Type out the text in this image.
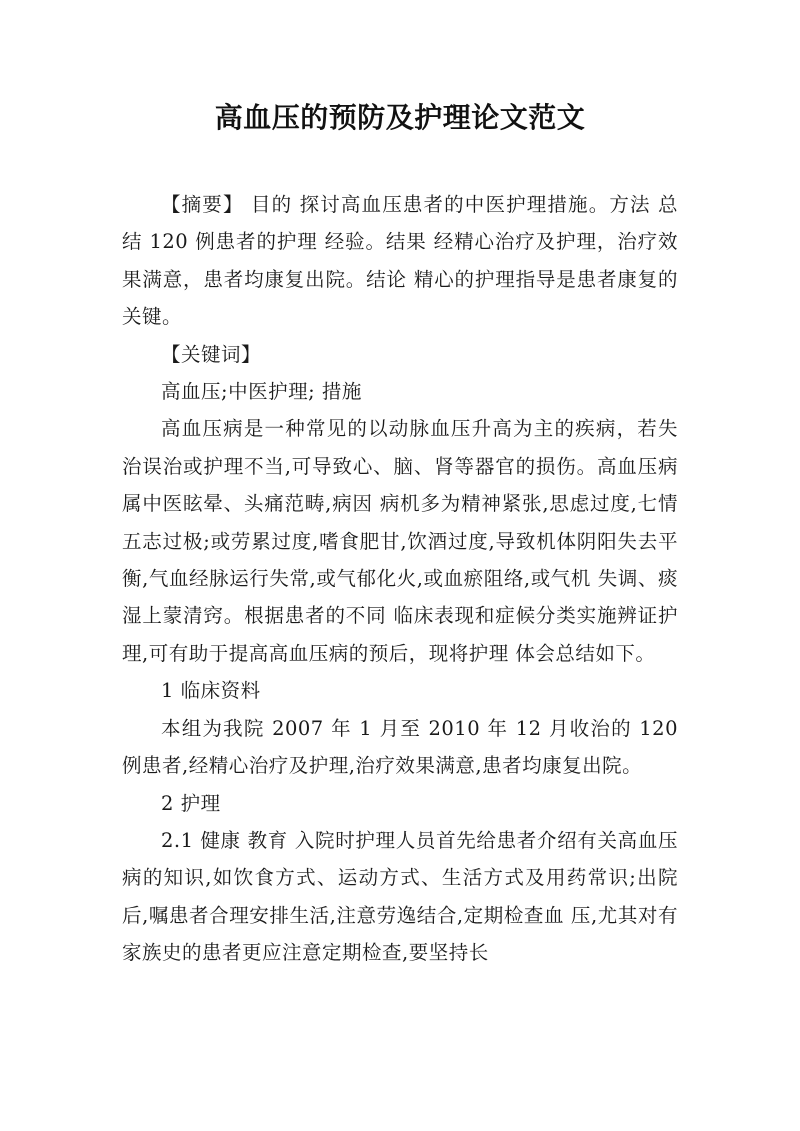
高血压的预防及护理论文范文

【摘要】 目的 探讨高血压患者的中医护理措施。方法 总结 120 例患者的护理 经验。结果 经精心治疗及护理，治疗效果满意，患者均康复出院。结论 精心的护理指导是患者康复的关键。

【关键词】

高血压;中医护理; 措施

高血压病是一种常见的以动脉血压升高为主的疾病，若失治误治或护理不当,可导致心、脑、肾等器官的损伤。高血压病属中医眩晕、头痛范畴,病因 病机多为精神紧张,思虑过度,七情五志过极;或劳累过度,嗜食肥甘,饮酒过度,导致机体阴阳失去平衡,气血经脉运行失常,或气郁化火,或血瘀阻络,或气机 失调、痰湿上蒙清窍。根据患者的不同 临床表现和症候分类实施辨证护理,可有助于提高高血压病的预后，现将护理 体会总结如下。

1 临床资料

本组为我院 2007 年 1 月至 2010 年 12 月收治的 120 例患者,经精心治疗及护理,治疗效果满意,患者均康复出院。

2 护理

2.1 健康 教育 入院时护理人员首先给患者介绍有关高血压病的知识,如饮食方式、运动方式、生活方式及用药常识;出院后,嘱患者合理安排生活,注意劳逸结合,定期检查血 压,尤其对有家族史的患者更应注意定期检查,要坚持长
